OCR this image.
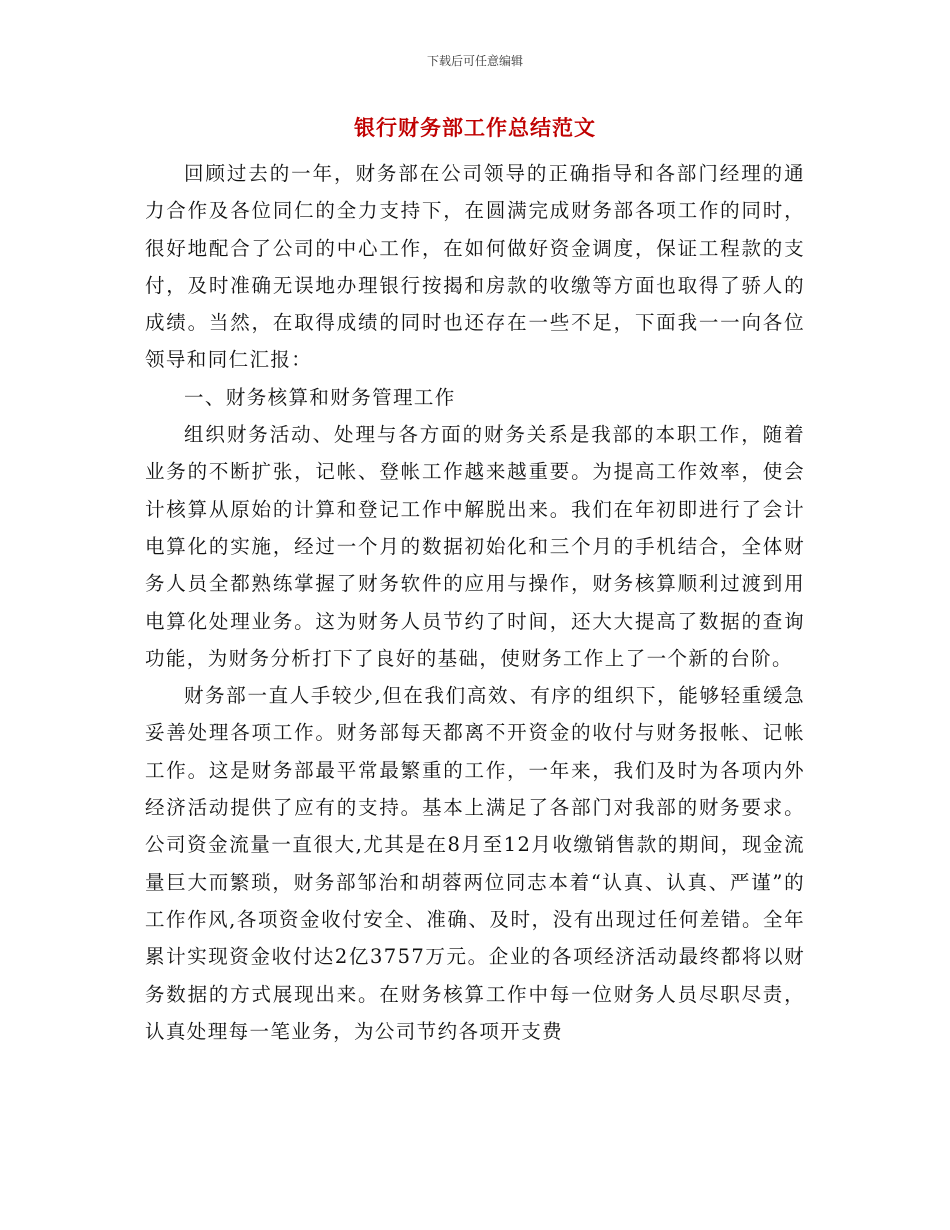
下载后可任意编辑
银行财务部工作总结范文

回顾过去的一年，财务部在公司领导的正确指导和各部门经理的通力合作及各位同仁的全力支持下，在圆满完成财务部各项工作的同时，很好地配合了公司的中心工作，在如何做好资金调度，保证工程款的支付，及时准确无误地办理银行按揭和房款的收缴等方面也取得了骄人的成绩。当然，在取得成绩的同时也还存在一些不足，下面我一一向各位领导和同仁汇报：

一、财务核算和财务管理工作

组织财务活动、处理与各方面的财务关系是我部的本职工作，随着业务的不断扩张，记帐、登帐工作越来越重要。为提高工作效率，使会计核算从原始的计算和登记工作中解脱出来。我们在年初即进行了会计电算化的实施，经过一个月的数据初始化和三个月的手机结合，全体财务人员全都熟练掌握了财务软件的应用与操作，财务核算顺利过渡到用电算化处理业务。这为财务人员节约了时间，还大大提高了数据的查询功能，为财务分析打下了良好的基础，使财务工作上了一个新的台阶。

财务部一直人手较少,但在我们高效、有序的组织下，能够轻重缓急妥善处理各项工作。财务部每天都离不开资金的收付与财务报帐、记帐工作。这是财务部最平常最繁重的工作，一年来，我们及时为各项内外经济活动提供了应有的支持。基本上满足了各部门对我部的财务要求。公司资金流量一直很大,尤其是在8月至12月收缴销售款的期间，现金流量巨大而繁琐，财务部邹治和胡蓉两位同志本着“认真、认真、严谨”的工作作风,各项资金收付安全、准确、及时，没有出现过任何差错。全年累计实现资金收付达2亿3757万元。企业的各项经济活动最终都将以财务数据的方式展现出来。在财务核算工作中每一位财务人员尽职尽责，认真处理每一笔业务，为公司节约各项开支费
